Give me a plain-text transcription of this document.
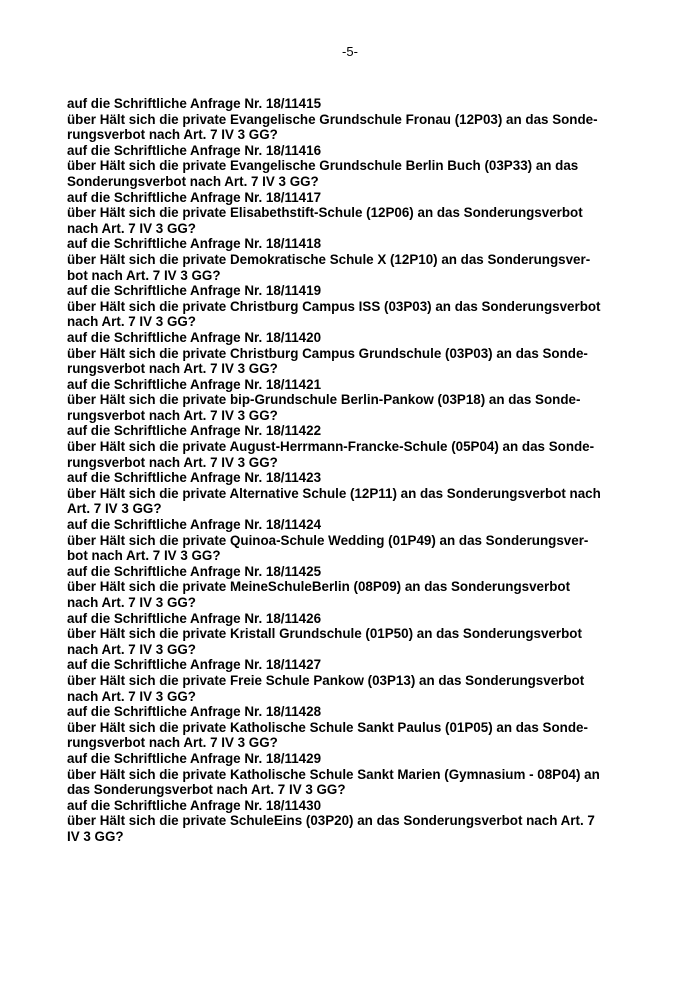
-5-
auf die Schriftliche Anfrage Nr. 18/11415
über Hält sich die private Evangelische Grundschule Fronau (12P03) an das Sonde-
rungsverbot nach Art. 7 IV 3 GG?
auf die Schriftliche Anfrage Nr. 18/11416
über Hält sich die private Evangelische Grundschule Berlin Buch (03P33) an das
Sonderungsverbot nach Art. 7 IV 3 GG?
auf die Schriftliche Anfrage Nr. 18/11417
über Hält sich die private Elisabethstift-Schule (12P06) an das Sonderungsverbot
nach Art. 7 IV 3 GG?
auf die Schriftliche Anfrage Nr. 18/11418
über Hält sich die private Demokratische Schule X (12P10) an das Sonderungsver-
bot nach Art. 7 IV 3 GG?
auf die Schriftliche Anfrage Nr. 18/11419
über Hält sich die private Christburg Campus ISS (03P03) an das Sonderungsverbot
nach Art. 7 IV 3 GG?
auf die Schriftliche Anfrage Nr. 18/11420
über Hält sich die private Christburg Campus Grundschule (03P03) an das Sonde-
rungsverbot nach Art. 7 IV 3 GG?
auf die Schriftliche Anfrage Nr. 18/11421
über Hält sich die private bip-Grundschule Berlin-Pankow (03P18) an das Sonde-
rungsverbot nach Art. 7 IV 3 GG?
auf die Schriftliche Anfrage Nr. 18/11422
über Hält sich die private August-Herrmann-Francke-Schule (05P04) an das Sonde-
rungsverbot nach Art. 7 IV 3 GG?
auf die Schriftliche Anfrage Nr. 18/11423
über Hält sich die private Alternative Schule (12P11) an das Sonderungsverbot nach
Art. 7 IV 3 GG?
auf die Schriftliche Anfrage Nr. 18/11424
über Hält sich die private Quinoa-Schule Wedding (01P49) an das Sonderungsver-
bot nach Art. 7 IV 3 GG?
auf die Schriftliche Anfrage Nr. 18/11425
über Hält sich die private MeineSchuleBerlin (08P09) an das Sonderungsverbot
nach Art. 7 IV 3 GG?
auf die Schriftliche Anfrage Nr. 18/11426
über Hält sich die private Kristall Grundschule (01P50) an das Sonderungsverbot
nach Art. 7 IV 3 GG?
auf die Schriftliche Anfrage Nr. 18/11427
über Hält sich die private Freie Schule Pankow (03P13) an das Sonderungsverbot
nach Art. 7 IV 3 GG?
auf die Schriftliche Anfrage Nr. 18/11428
über Hält sich die private Katholische Schule Sankt Paulus (01P05) an das Sonde-
rungsverbot nach Art. 7 IV 3 GG?
auf die Schriftliche Anfrage Nr. 18/11429
über Hält sich die private Katholische Schule Sankt Marien (Gymnasium - 08P04) an
das Sonderungsverbot nach Art. 7 IV 3 GG?
auf die Schriftliche Anfrage Nr. 18/11430
über Hält sich die private SchuleEins (03P20) an das Sonderungsverbot nach Art. 7
IV 3 GG?
